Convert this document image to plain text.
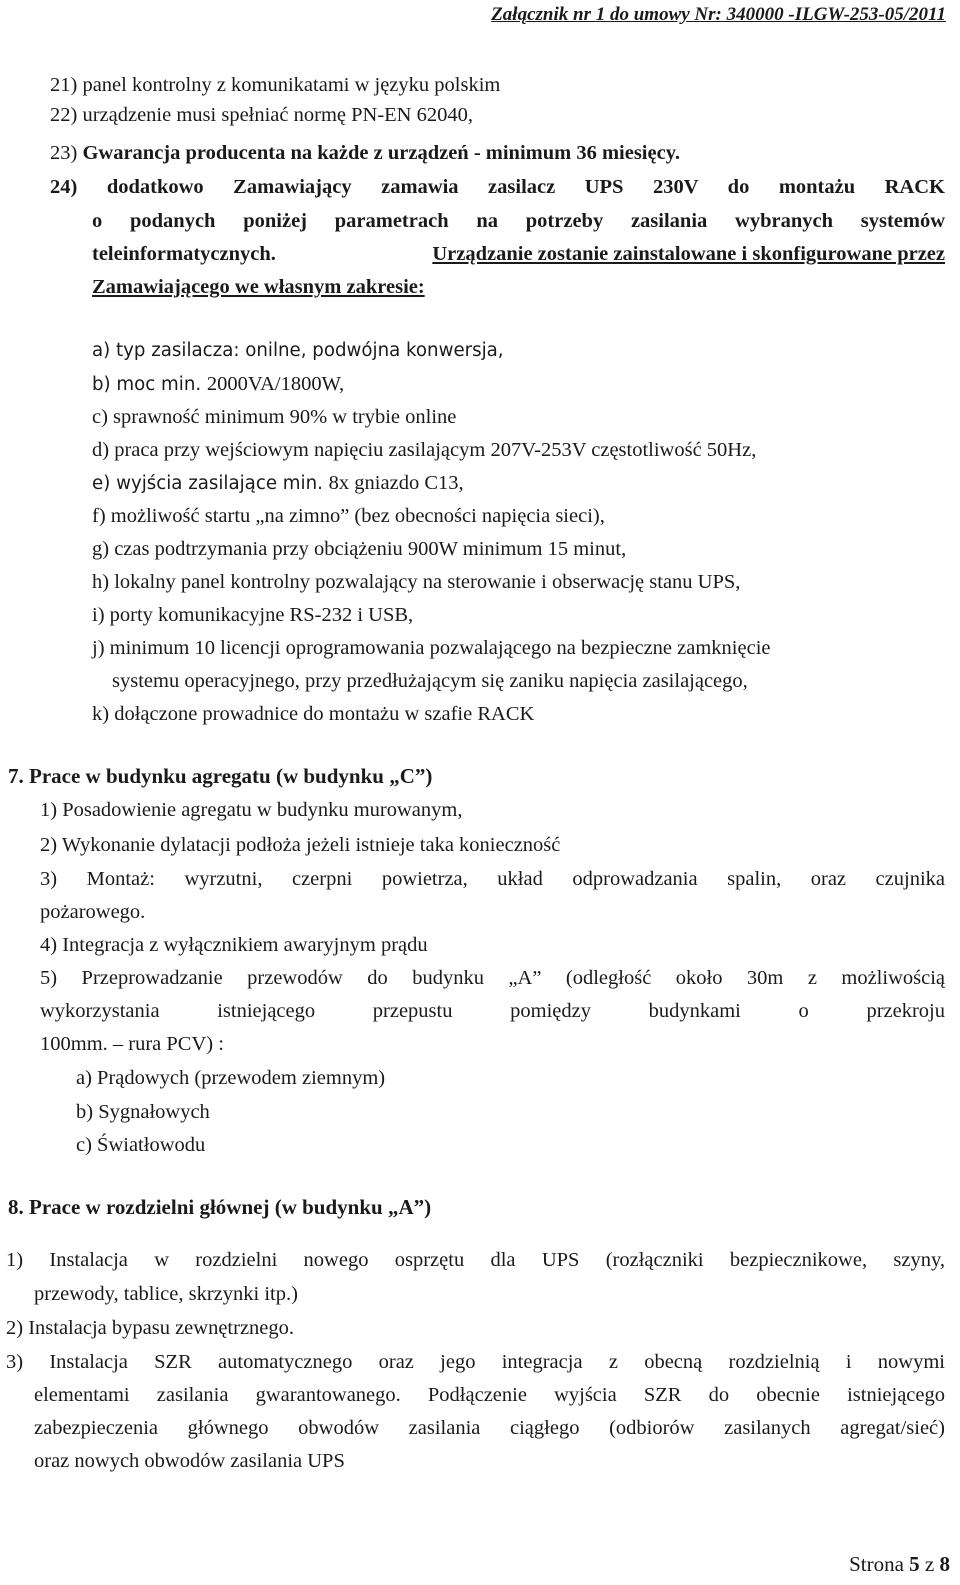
Załącznik nr 1 do umowy Nr: 340000 -ILGW-253-05/2011
21) panel kontrolny z komunikatami w języku polskim
22) urządzenie musi spełniać normę PN-EN 62040,
23) Gwarancja producenta na każde z urządzeń - minimum 36 miesięcy.
24) dodatkowo Zamawiający zamawia zasilacz UPS 230V do montażu RACK
o podanych poniżej parametrach na potrzeby zasilania wybranych systemów
teleinformatycznych.	Urządzanie zostanie zainstalowane i skonfigurowane przez
Zamawiającego we własnym zakresie:
a) typ zasilacza: onilne, podwójna konwersja,
b) moc min. 2000VA/1800W,
c) sprawność minimum 90% w trybie online
d) praca przy wejściowym napięciu zasilającym 207V-253V częstotliwość 50Hz,
e) wyjścia zasilające min. 8x gniazdo C13,
f) możliwość startu „na zimno” (bez obecności napięcia sieci),
g) czas podtrzymania przy obciążeniu 900W minimum 15 minut,
h) lokalny panel kontrolny pozwalający na sterowanie i obserwację stanu UPS,
i) porty komunikacyjne RS-232 i USB,
j) minimum 10 licencji oprogramowania pozwalającego na bezpieczne zamknięcie
systemu operacyjnego, przy przedłużającym się zaniku napięcia zasilającego,
k) dołączone prowadnice do montażu w szafie RACK
7. Prace w budynku agregatu (w budynku „C”)
1) Posadowienie agregatu w budynku murowanym,
2) Wykonanie dylatacji podłoża jeżeli istnieje taka konieczność
3) Montaż: wyrzutni, czerpni powietrza, układ odprowadzania spalin, oraz czujnika
pożarowego.
4) Integracja z wyłącznikiem awaryjnym prądu
5) Przeprowadzanie przewodów do budynku „A” (odległość około 30m z możliwością
wykorzystania istniejącego przepustu pomiędzy budynkami o przekroju
100mm. – rura PCV) :
a) Prądowych (przewodem ziemnym)
b) Sygnałowych
c) Światłowodu
8. Prace w rozdzielni głównej (w budynku „A”)
1) Instalacja w rozdzielni nowego osprzętu dla UPS (rozłączniki bezpiecznikowe, szyny,
przewody, tablice, skrzynki itp.)
2) Instalacja bypasu zewnętrznego.
3) Instalacja SZR automatycznego oraz jego integracja z obecną rozdzielnią i nowymi
elementami zasilania gwarantowanego. Podłączenie wyjścia SZR do obecnie istniejącego
zabezpieczenia głównego obwodów zasilania ciągłego (odbiorów zasilanych agregat/sieć)
oraz nowych obwodów zasilania UPS
Strona 5 z 8
